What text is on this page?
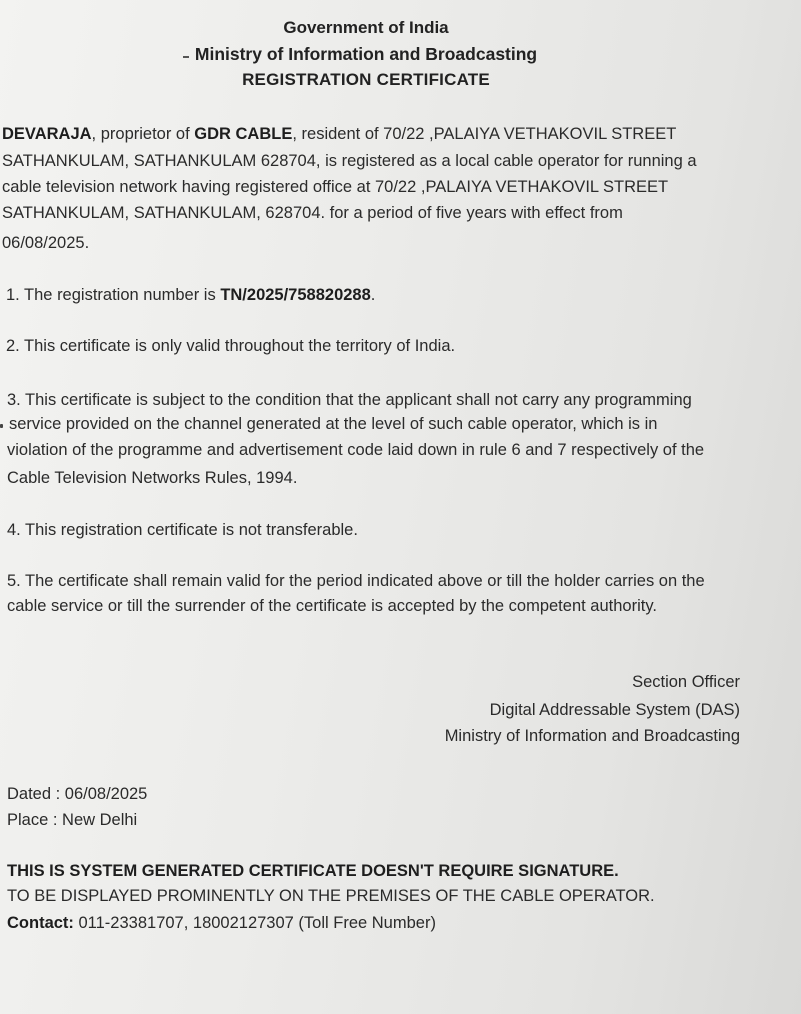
Government of India
Ministry of Information and Broadcasting
REGISTRATION CERTIFICATE
DEVARAJA, proprietor of GDR CABLE, resident of 70/22 ,PALAIYA VETHAKOVIL STREET
SATHANKULAM, SATHANKULAM 628704, is registered as a local cable operator for running a
cable television network having registered office at 70/22 ,PALAIYA VETHAKOVIL STREET
SATHANKULAM, SATHANKULAM, 628704. for a period of five years with effect from
06/08/2025.
1. The registration number is TN/2025/758820288.
2. This certificate is only valid throughout the territory of India.
3. This certificate is subject to the condition that the applicant shall not carry any programming
service provided on the channel generated at the level of such cable operator, which is in
violation of the programme and advertisement code laid down in rule 6 and 7 respectively of the
Cable Television Networks Rules, 1994.
4. This registration certificate is not transferable.
5. The certificate shall remain valid for the period indicated above or till the holder carries on the
cable service or till the surrender of the certificate is accepted by the competent authority.
Section Officer
Digital Addressable System (DAS)
Ministry of Information and Broadcasting
Dated : 06/08/2025
Place : New Delhi
THIS IS SYSTEM GENERATED CERTIFICATE DOESN'T REQUIRE SIGNATURE.
TO BE DISPLAYED PROMINENTLY ON THE PREMISES OF THE CABLE OPERATOR.
Contact: 011-23381707, 18002127307 (Toll Free Number)
